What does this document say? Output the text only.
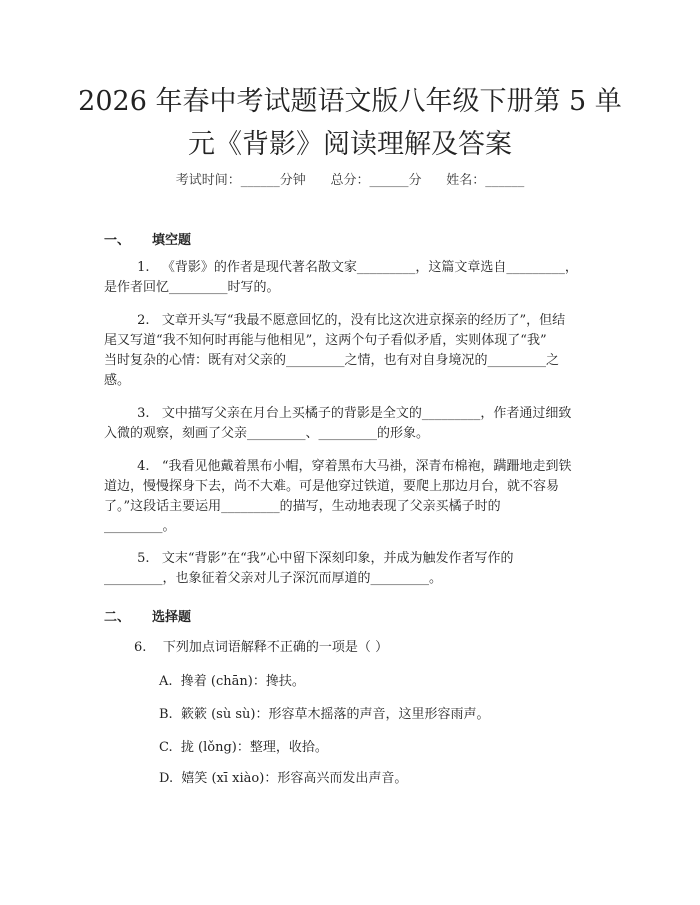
2026 年春中考试题语文版八年级下册第 5 单
元《背影》阅读理解及答案
考试时间：______分钟      总分：______分      姓名：______
一、 填空题
1.   《背影》的作者是现代著名散文家_________，这篇文章选自_________，
是作者回忆_________时写的。
2.   文章开头写“我最不愿意回忆的，没有比这次进京探亲的经历了”，但结
尾又写道“我不知何时再能与他相见”，这两个句子看似矛盾，实则体现了“我”
当时复杂的心情：既有对父亲的_________之情，也有对自身境况的_________之
感。
3.   文中描写父亲在月台上买橘子的背影是全文的_________，作者通过细致
入微的观察，刻画了父亲_________、_________的形象。
4.   “我看见他戴着黑布小帽，穿着黑布大马褂，深青布棉袍，蹒跚地走到铁
道边，慢慢探身下去，尚不大难。可是他穿过铁道，要爬上那边月台，就不容易
了。”这段话主要运用_________的描写，生动地表现了父亲买橘子时的
_________。
5.   文末“背影”在“我”心中留下深刻印象，并成为触发作者写作的
_________，也象征着父亲对儿子深沉而厚道的_________。
二、 选择题
6.    下列加点词语解释不正确的一项是（ ）
A.  搀着 (chān)：搀扶。
B.  簌簌 (sù sù)：形容草木摇落的声音，这里形容雨声。
C.  拢 (lǒng)：整理，收拾。
D.  嬉笑 (xī xiào)：形容高兴而发出声音。
